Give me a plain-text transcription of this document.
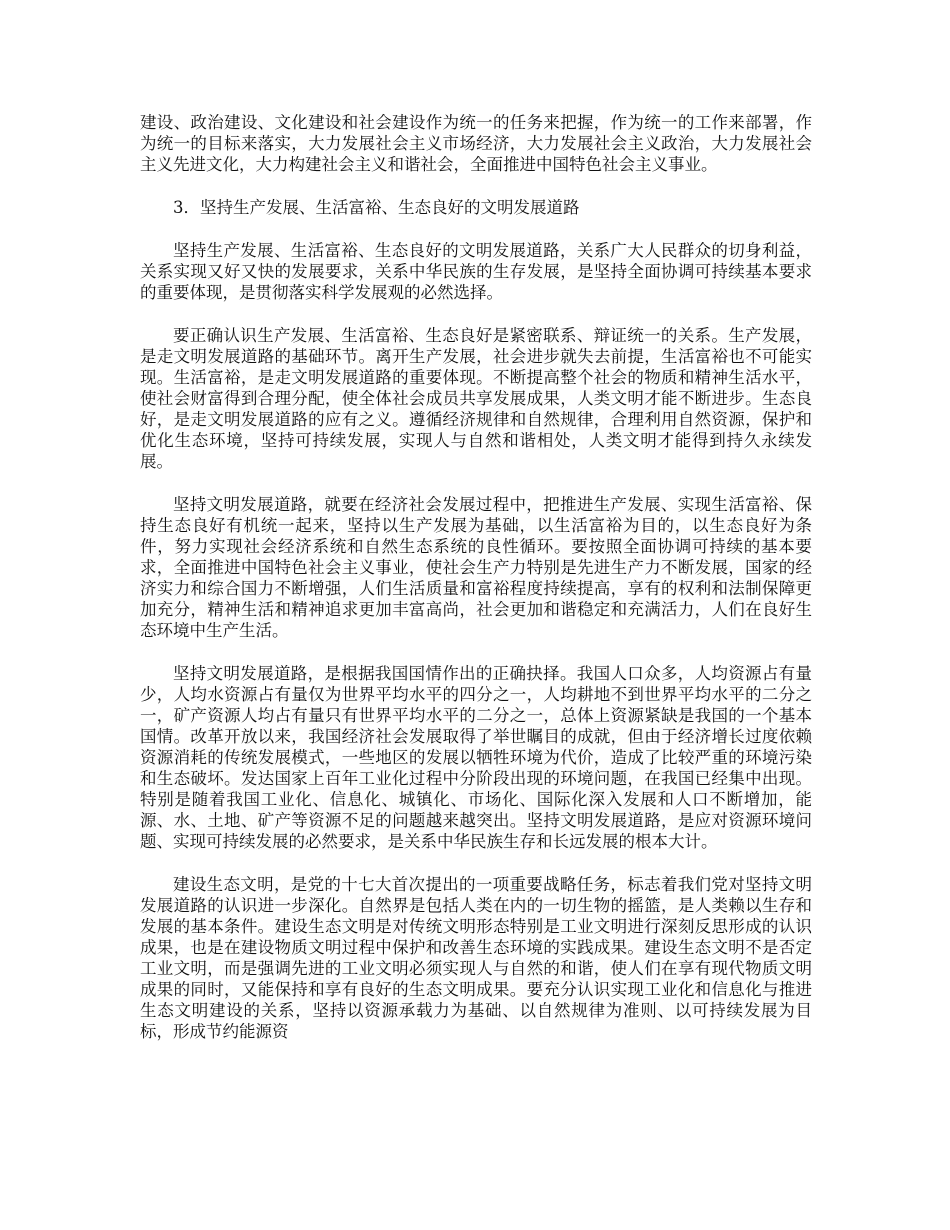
建设、政治建设、文化建设和社会建设作为统一的任务来把握，作为统一的工作来部署，作为统一的目标来落实，大力发展社会主义市场经济，大力发展社会主义政治，大力发展社会主义先进文化，大力构建社会主义和谐社会，全面推进中国特色社会主义事业。

3．坚持生产发展、生活富裕、生态良好的文明发展道路

坚持生产发展、生活富裕、生态良好的文明发展道路，关系广大人民群众的切身利益，关系实现又好又快的发展要求，关系中华民族的生存发展，是坚持全面协调可持续基本要求的重要体现，是贯彻落实科学发展观的必然选择。

要正确认识生产发展、生活富裕、生态良好是紧密联系、辩证统一的关系。生产发展，是走文明发展道路的基础环节。离开生产发展，社会进步就失去前提，生活富裕也不可能实现。生活富裕，是走文明发展道路的重要体现。不断提高整个社会的物质和精神生活水平，使社会财富得到合理分配，使全体社会成员共享发展成果，人类文明才能不断进步。生态良好，是走文明发展道路的应有之义。遵循经济规律和自然规律，合理利用自然资源，保护和优化生态环境，坚持可持续发展，实现人与自然和谐相处，人类文明才能得到持久永续发展。

坚持文明发展道路，就要在经济社会发展过程中，把推进生产发展、实现生活富裕、保持生态良好有机统一起来，坚持以生产发展为基础，以生活富裕为目的，以生态良好为条件，努力实现社会经济系统和自然生态系统的良性循环。要按照全面协调可持续的基本要求，全面推进中国特色社会主义事业，使社会生产力特别是先进生产力不断发展，国家的经济实力和综合国力不断增强，人们生活质量和富裕程度持续提高，享有的权利和法制保障更加充分，精神生活和精神追求更加丰富高尚，社会更加和谐稳定和充满活力，人们在良好生态环境中生产生活。

坚持文明发展道路，是根据我国国情作出的正确抉择。我国人口众多，人均资源占有量少，人均水资源占有量仅为世界平均水平的四分之一，人均耕地不到世界平均水平的二分之一，矿产资源人均占有量只有世界平均水平的二分之一，总体上资源紧缺是我国的一个基本国情。改革开放以来，我国经济社会发展取得了举世瞩目的成就，但由于经济增长过度依赖资源消耗的传统发展模式，一些地区的发展以牺牲环境为代价，造成了比较严重的环境污染和生态破坏。发达国家上百年工业化过程中分阶段出现的环境问题，在我国已经集中出现。特别是随着我国工业化、信息化、城镇化、市场化、国际化深入发展和人口不断增加，能源、水、土地、矿产等资源不足的问题越来越突出。坚持文明发展道路，是应对资源环境问题、实现可持续发展的必然要求，是关系中华民族生存和长远发展的根本大计。

建设生态文明，是党的十七大首次提出的一项重要战略任务，标志着我们党对坚持文明发展道路的认识进一步深化。自然界是包括人类在内的一切生物的摇篮，是人类赖以生存和发展的基本条件。建设生态文明是对传统文明形态特别是工业文明进行深刻反思形成的认识成果，也是在建设物质文明过程中保护和改善生态环境的实践成果。建设生态文明不是否定工业文明，而是强调先进的工业文明必须实现人与自然的和谐，使人们在享有现代物质文明成果的同时，又能保持和享有良好的生态文明成果。要充分认识实现工业化和信息化与推进生态文明建设的关系，坚持以资源承载力为基础、以自然规律为准则、以可持续发展为目标，形成节约能源资
